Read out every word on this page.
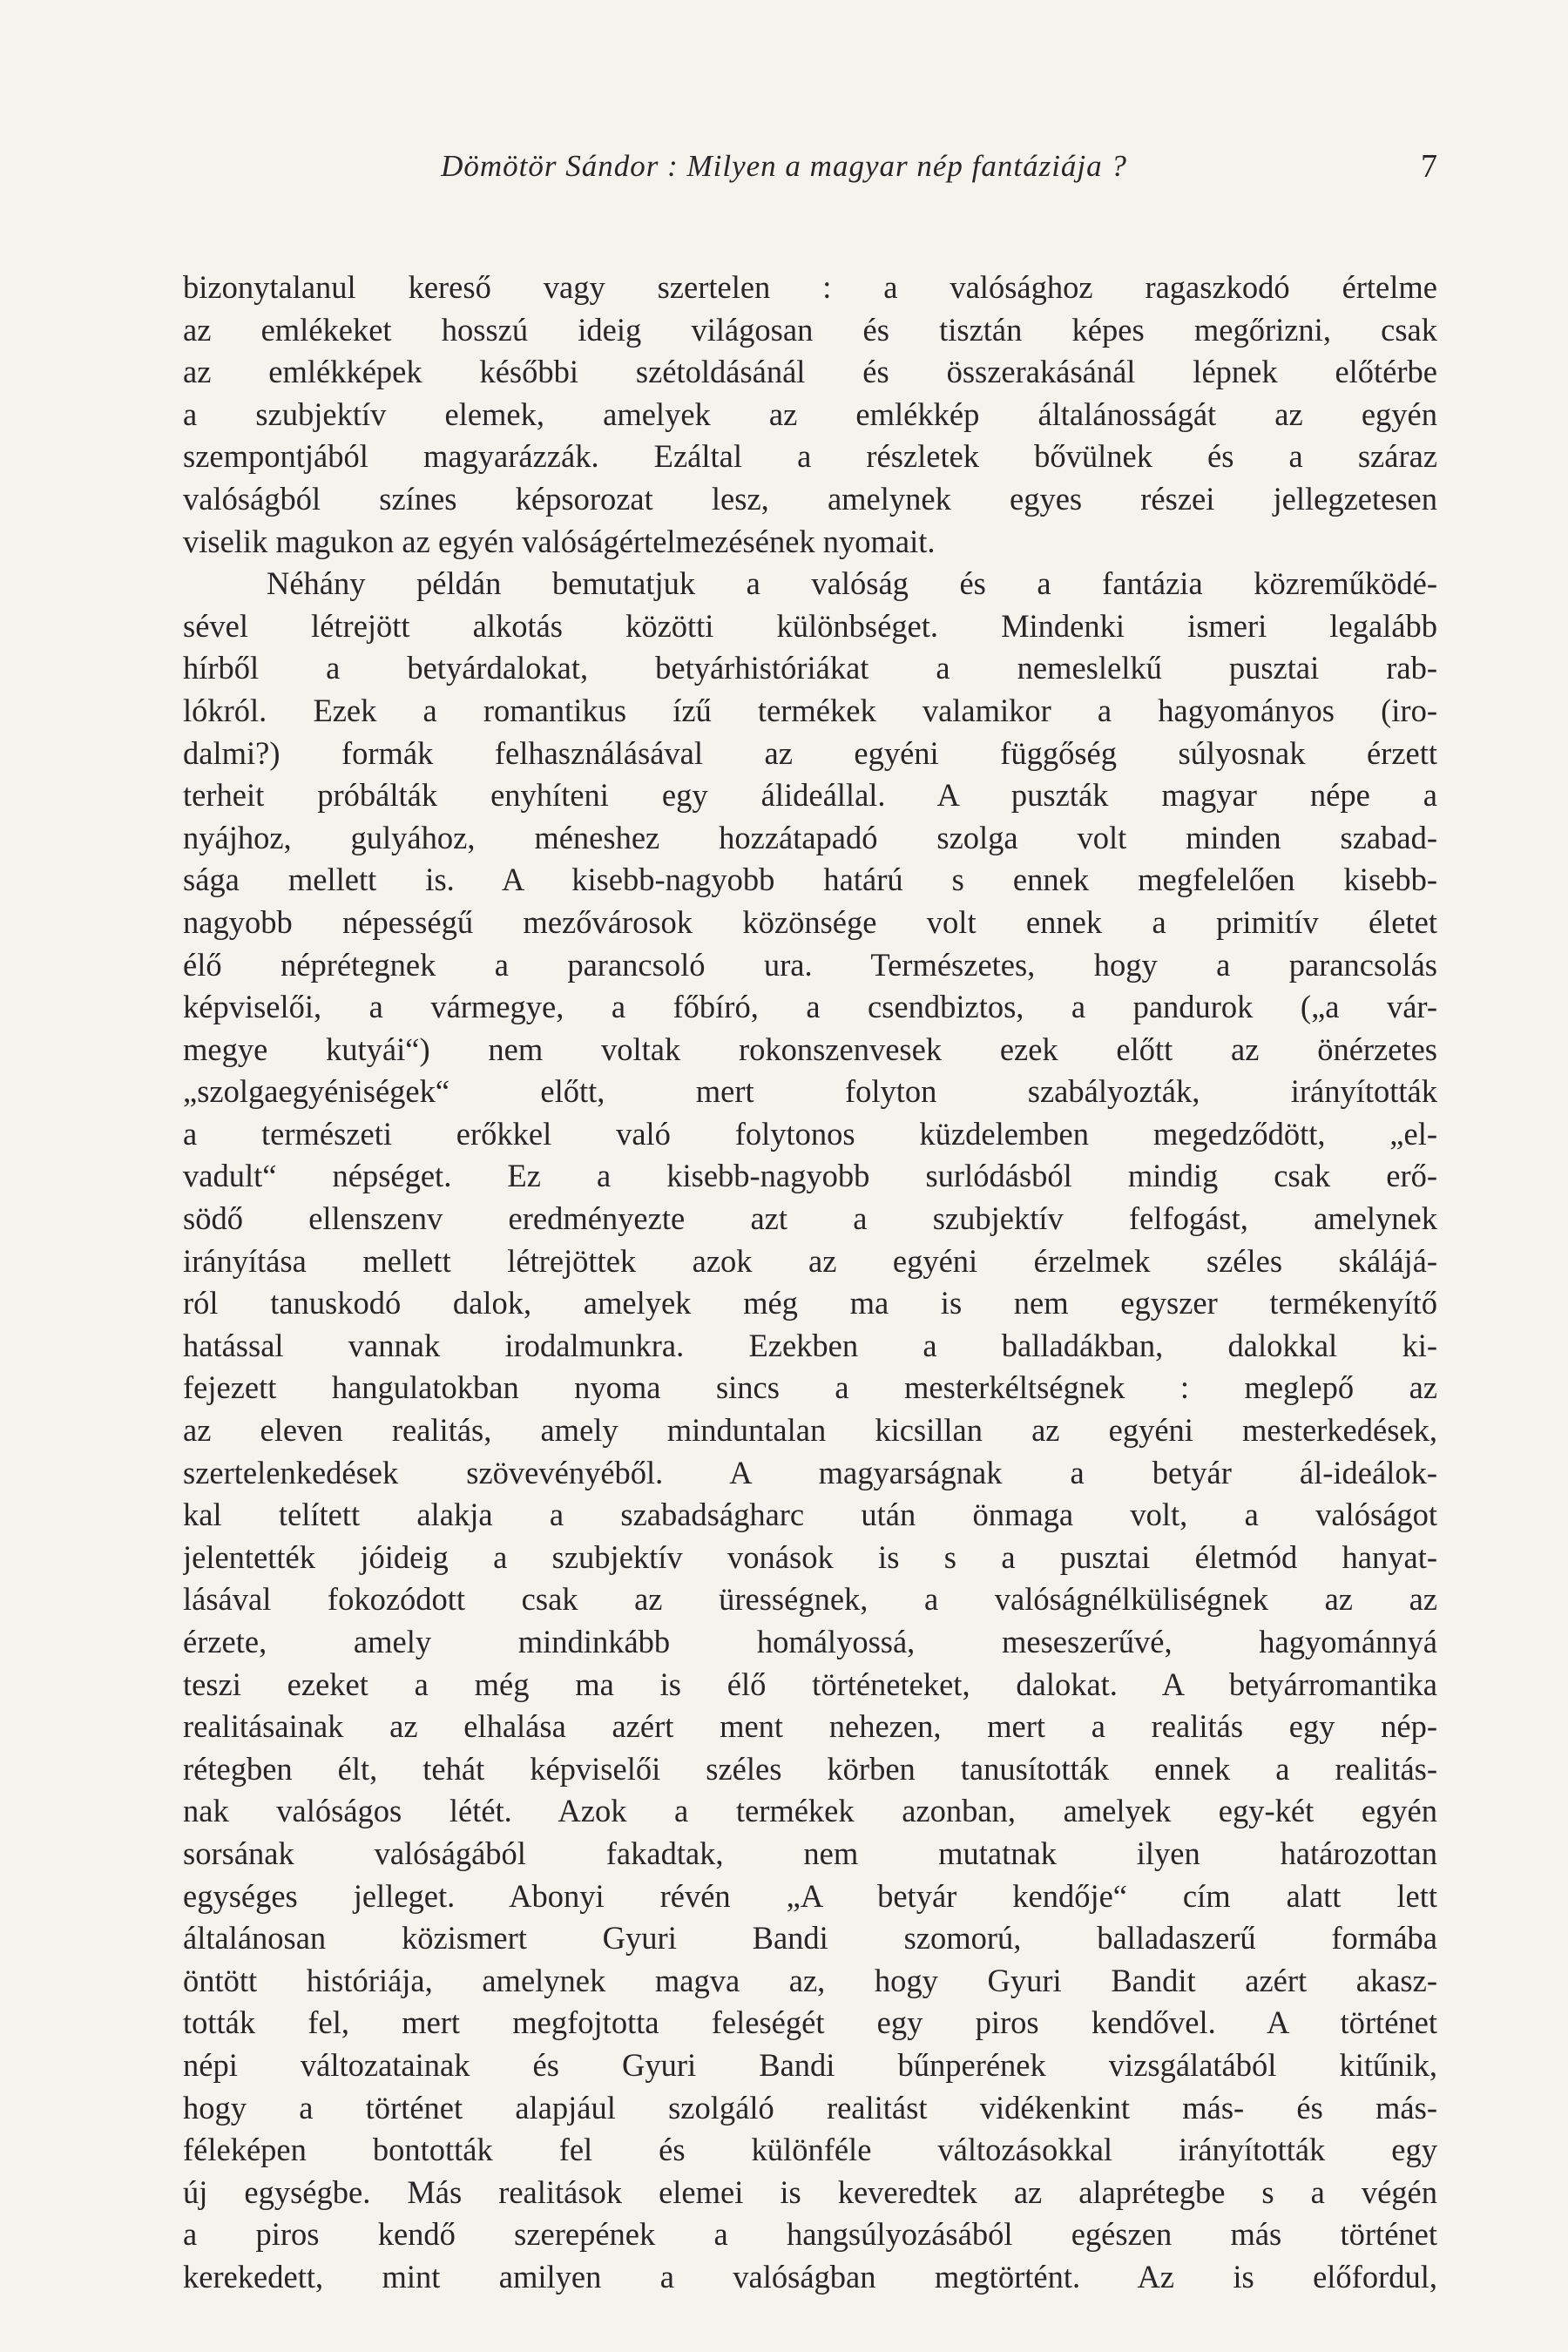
Dömötör Sándor : Milyen a magyar nép fantáziája ?	7
bizonytalanul kereső vagy szertelen : a valósághoz ragaszkodó értelme
az emlékeket hosszú ideig világosan és tisztán képes megőrizni, csak
az emlékképek későbbi szétoldásánál és összerakásánál lépnek előtérbe
a szubjektív elemek, amelyek az emlékkép általánosságát az egyén
szempontjából magyarázzák. Ezáltal a részletek bővülnek és a száraz
valóságból színes képsorozat lesz, amelynek egyes részei jellegzetesen
viselik magukon az egyén valóságértelmezésének nyomait.
Néhány példán bemutatjuk a valóság és a fantázia közreműködé-
sével létrejött alkotás közötti különbséget. Mindenki ismeri legalább
hírből a betyárdalokat, betyárhistóriákat a nemeslelkű pusztai rab-
lókról. Ezek a romantikus ízű termékek valamikor a hagyományos (iro-
dalmi?) formák felhasználásával az egyéni függőség súlyosnak érzett
terheit próbálták enyhíteni egy álideállal. A puszták magyar népe a
nyájhoz, gulyához, méneshez hozzátapadó szolga volt minden szabad-
sága mellett is. A kisebb-nagyobb határú s ennek megfelelően kisebb-
nagyobb népességű mezővárosok közönsége volt ennek a primitív életet
élő néprétegnek a parancsoló ura. Természetes, hogy a parancsolás
képviselői, a vármegye, a főbíró, a csendbiztos, a pandurok („a vár-
megye kutyái“) nem voltak rokonszenvesek ezek előtt az önérzetes
„szolgaegyéniségek“ előtt, mert folyton szabályozták, irányították
a természeti erőkkel való folytonos küzdelemben megedződött, „el-
vadult“ népséget. Ez a kisebb-nagyobb surlódásból mindig csak erő-
södő ellenszenv eredményezte azt a szubjektív felfogást, amelynek
irányítása mellett létrejöttek azok az egyéni érzelmek széles skálájá-
ról tanuskodó dalok, amelyek még ma is nem egyszer termékenyítő
hatással vannak irodalmunkra. Ezekben a balladákban, dalokkal ki-
fejezett hangulatokban nyoma sincs a mesterkéltségnek : meglepő az
az eleven realitás, amely minduntalan kicsillan az egyéni mesterkedések,
szertelenkedések szövevényéből. A magyarságnak a betyár ál-ideálok-
kal telített alakja a szabadságharc után önmaga volt, a valóságot
jelentették jóideig a szubjektív vonások is s a pusztai életmód hanyat-
lásával fokozódott csak az ürességnek, a valóságnélküliségnek az az
érzete, amely mindinkább homályossá, meseszerűvé, hagyománnyá
teszi ezeket a még ma is élő történeteket, dalokat. A betyárromantika
realitásainak az elhalása azért ment nehezen, mert a realitás egy nép-
rétegben élt, tehát képviselői széles körben tanusították ennek a realitás-
nak valóságos létét. Azok a termékek azonban, amelyek egy-két egyén
sorsának valóságából fakadtak, nem mutatnak ilyen határozottan
egységes jelleget. Abonyi révén „A betyár kendője“ cím alatt lett
általánosan közismert Gyuri Bandi szomorú, balladaszerű formába
öntött históriája, amelynek magva az, hogy Gyuri Bandit azért akasz-
tották fel, mert megfojtotta feleségét egy piros kendővel. A történet
népi változatainak és Gyuri Bandi bűnperének vizsgálatából kitűnik,
hogy a történet alapjául szolgáló realitást vidékenkint más- és más-
féleképen bontották fel és különféle változásokkal irányították egy
új egységbe. Más realitások elemei is keveredtek az alaprétegbe s a végén
a piros kendő szerepének a hangsúlyozásából egészen más történet
kerekedett, mint amilyen a valóságban megtörtént. Az is előfordul,
